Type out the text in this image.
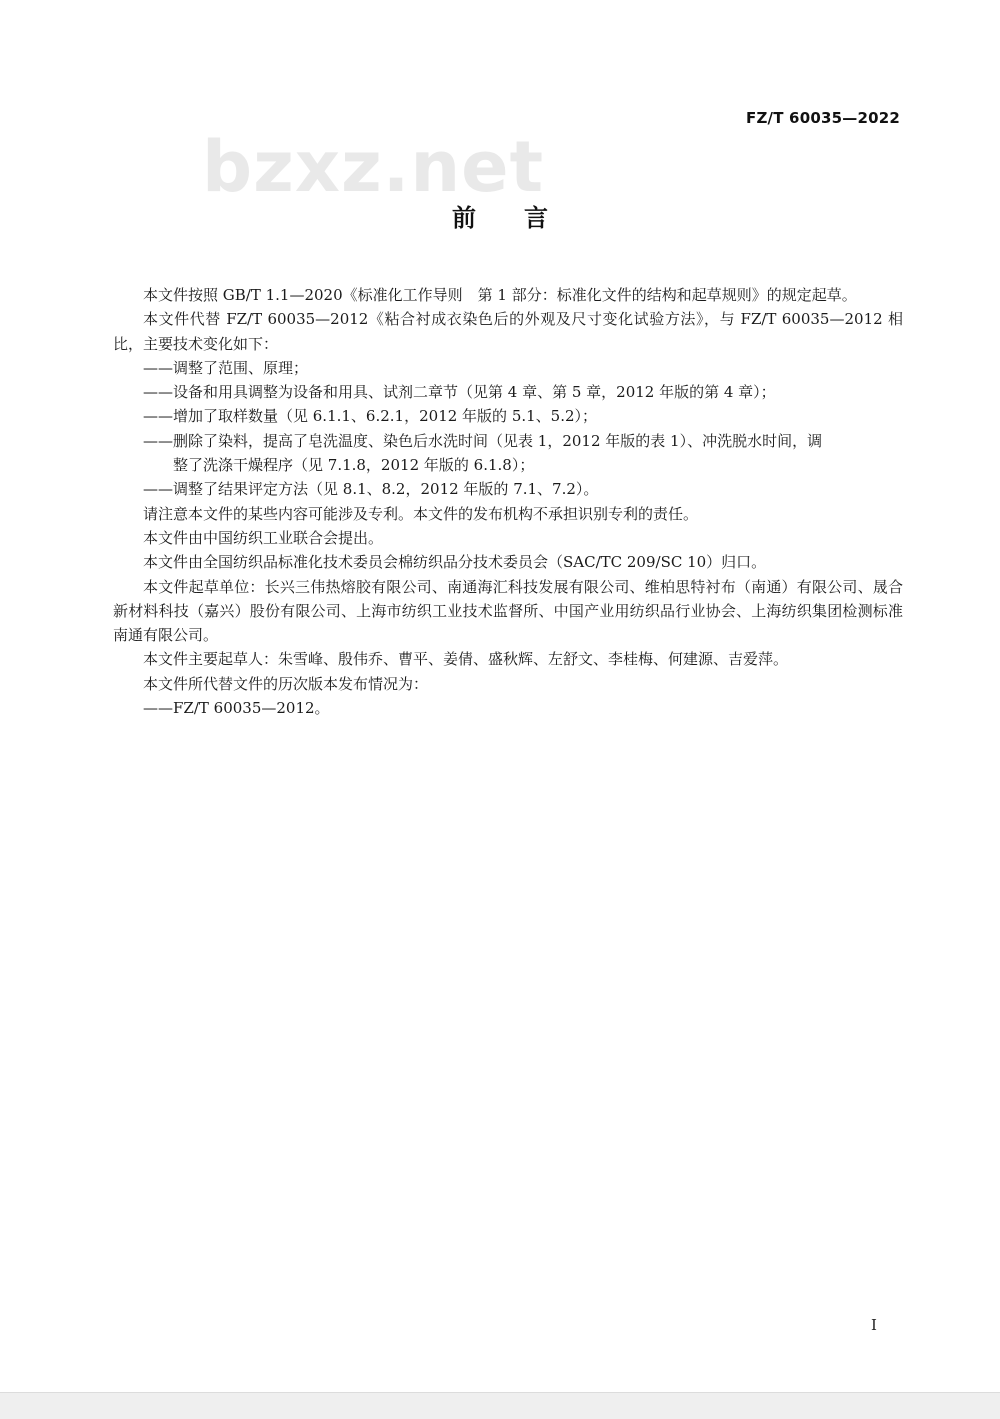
bzxz.net
FZ/T 60035—2022
前言

本文件按照 GB/T 1.1—2020《标准化工作导则　第 1 部分：标准化文件的结构和起草规则》的规定起草。

本文件代替 FZ/T 60035—2012《粘合衬成衣染色后的外观及尺寸变化试验方法》，与 FZ/T 60035—2012 相比，主要技术变化如下：

——调整了范围、原理；

——设备和用具调整为设备和用具、试剂二章节（见第 4 章、第 5 章，2012 年版的第 4 章）；

——增加了取样数量（见 6.1.1、6.2.1，2012 年版的 5.1、5.2）；

——删除了染料，提高了皂洗温度、染色后水洗时间（见表 1，2012 年版的表 1）、冲洗脱水时间，调
整了洗涤干燥程序（见 7.1.8，2012 年版的 6.1.8）；

——调整了结果评定方法（见 8.1、8.2，2012 年版的 7.1、7.2）。

请注意本文件的某些内容可能涉及专利。本文件的发布机构不承担识别专利的责任。

本文件由中国纺织工业联合会提出。

本文件由全国纺织品标准化技术委员会棉纺织品分技术委员会（SAC/TC 209/SC 10）归口。

本文件起草单位：长兴三伟热熔胶有限公司、南通海汇科技发展有限公司、维柏思特衬布（南通）有限公司、晟合新材料科技（嘉兴）股份有限公司、上海市纺织工业技术监督所、中国产业用纺织品行业协会、上海纺织集团检测标准南通有限公司。

本文件主要起草人：朱雪峰、殷伟乔、曹平、姜倩、盛秋辉、左舒文、李桂梅、何建源、吉爱萍。

本文件所代替文件的历次版本发布情况为：

——FZ/T 60035—2012。

I
